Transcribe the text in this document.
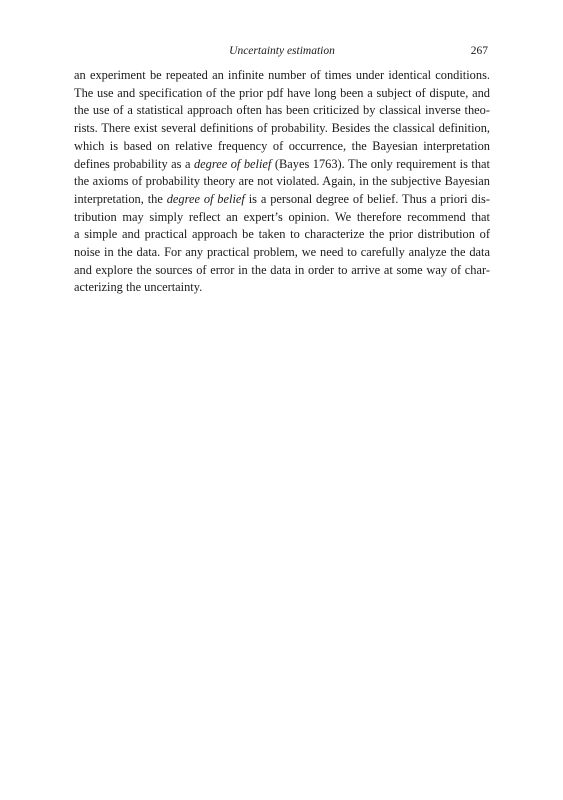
Uncertainty estimation	267
an experiment be repeated an infinite number of times under identical conditions.
The use and specification of the prior pdf have long been a subject of dispute, and
the use of a statistical approach often has been criticized by classical inverse theo-
rists. There exist several definitions of probability. Besides the classical definition,
which is based on relative frequency of occurrence, the Bayesian interpretation
defines probability as a degree of belief (Bayes 1763). The only requirement is that
the axioms of probability theory are not violated. Again, in the subjective Bayesian
interpretation, the degree of belief is a personal degree of belief. Thus a priori dis-
tribution may simply reflect an expert’s opinion. We therefore recommend that
a simple and practical approach be taken to characterize the prior distribution of
noise in the data. For any practical problem, we need to carefully analyze the data
and explore the sources of error in the data in order to arrive at some way of char-
acterizing the uncertainty.
